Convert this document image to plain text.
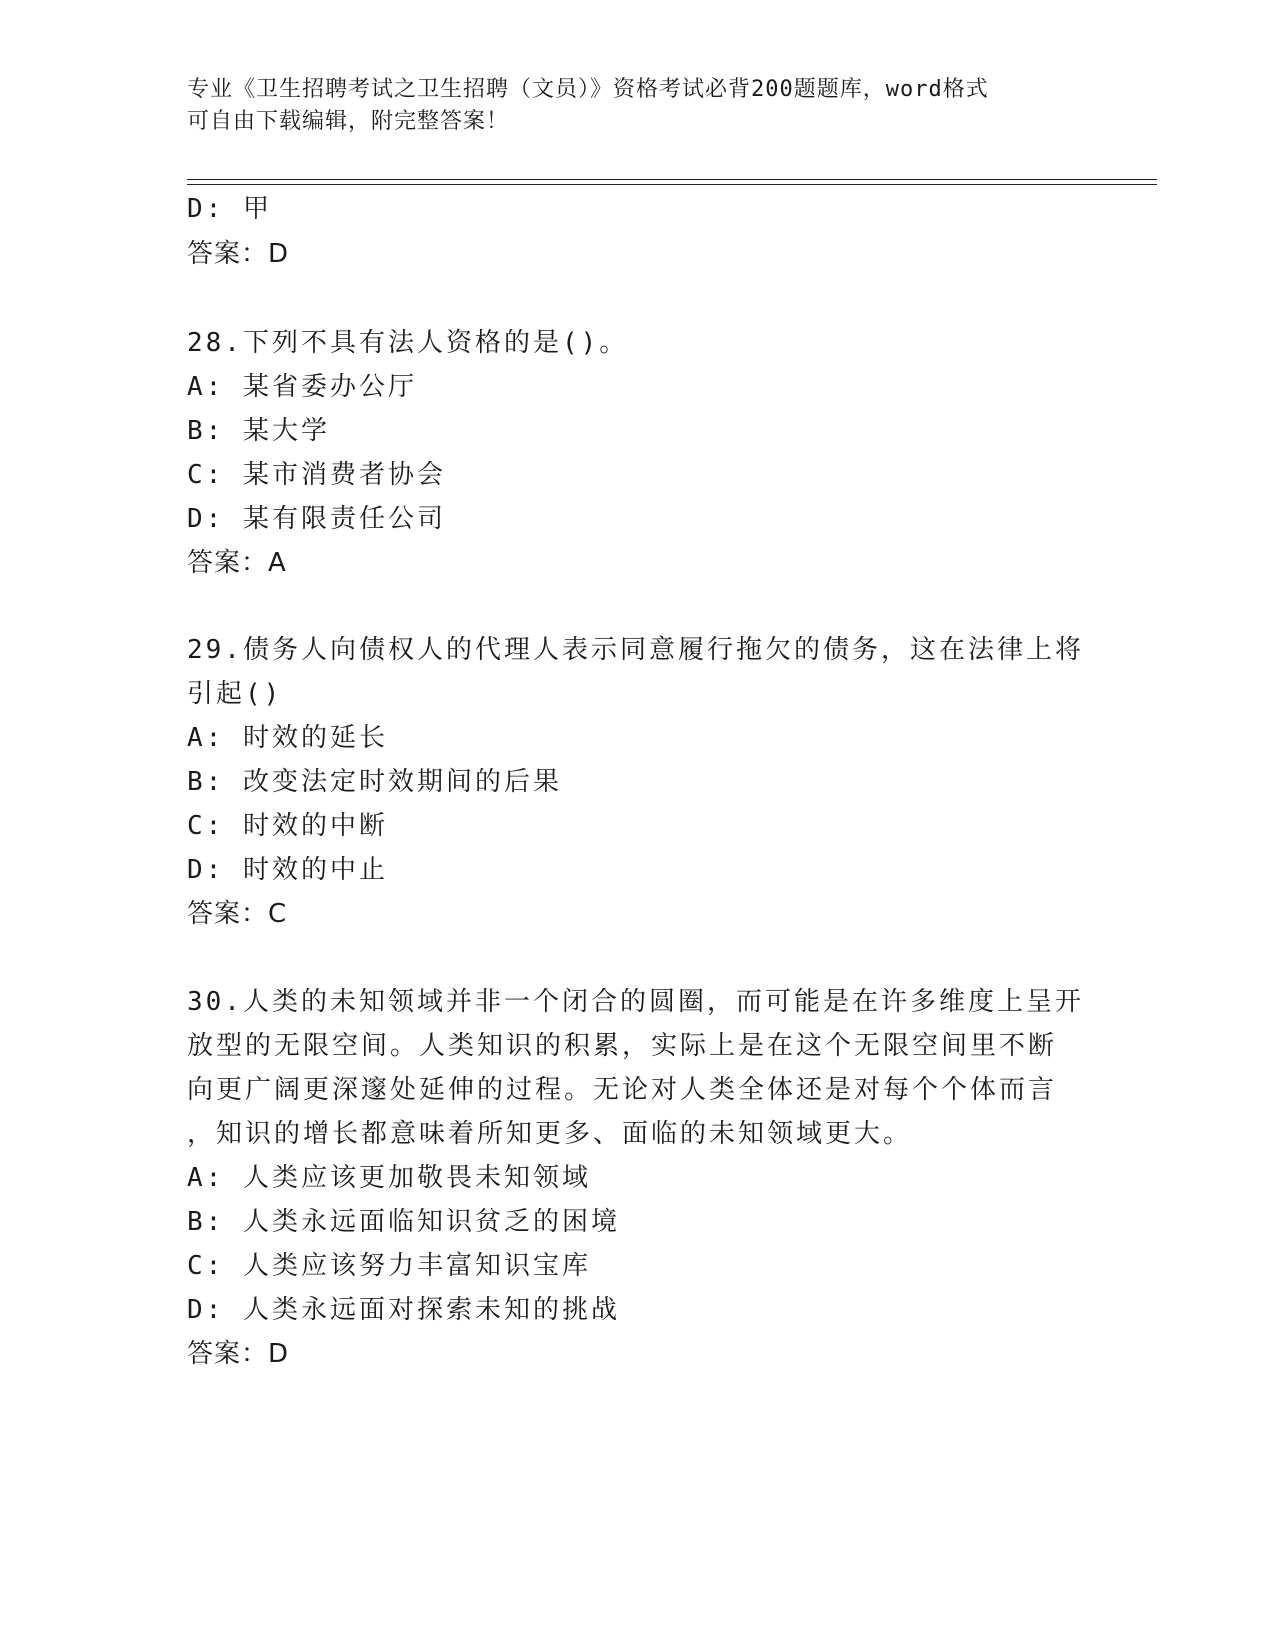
专业《卫生招聘考试之卫生招聘（文员）》资格考试必背200题题库，word格式
可自由下载编辑，附完整答案！
D: 甲
答案：D
28.下列不具有法人资格的是()。
A: 某省委办公厅
B: 某大学
C: 某市消费者协会
D: 某有限责任公司
答案：A
29.债务人向债权人的代理人表示同意履行拖欠的债务，这在法律上将
引起()
A: 时效的延长
B: 改变法定时效期间的后果
C: 时效的中断
D: 时效的中止
答案：C
30.人类的未知领域并非一个闭合的圆圈，而可能是在许多维度上呈开
放型的无限空间。人类知识的积累，实际上是在这个无限空间里不断
向更广阔更深邃处延伸的过程。无论对人类全体还是对每个个体而言
，知识的增长都意味着所知更多、面临的未知领域更大。
A: 人类应该更加敬畏未知领域
B: 人类永远面临知识贫乏的困境
C: 人类应该努力丰富知识宝库
D: 人类永远面对探索未知的挑战
答案：D
